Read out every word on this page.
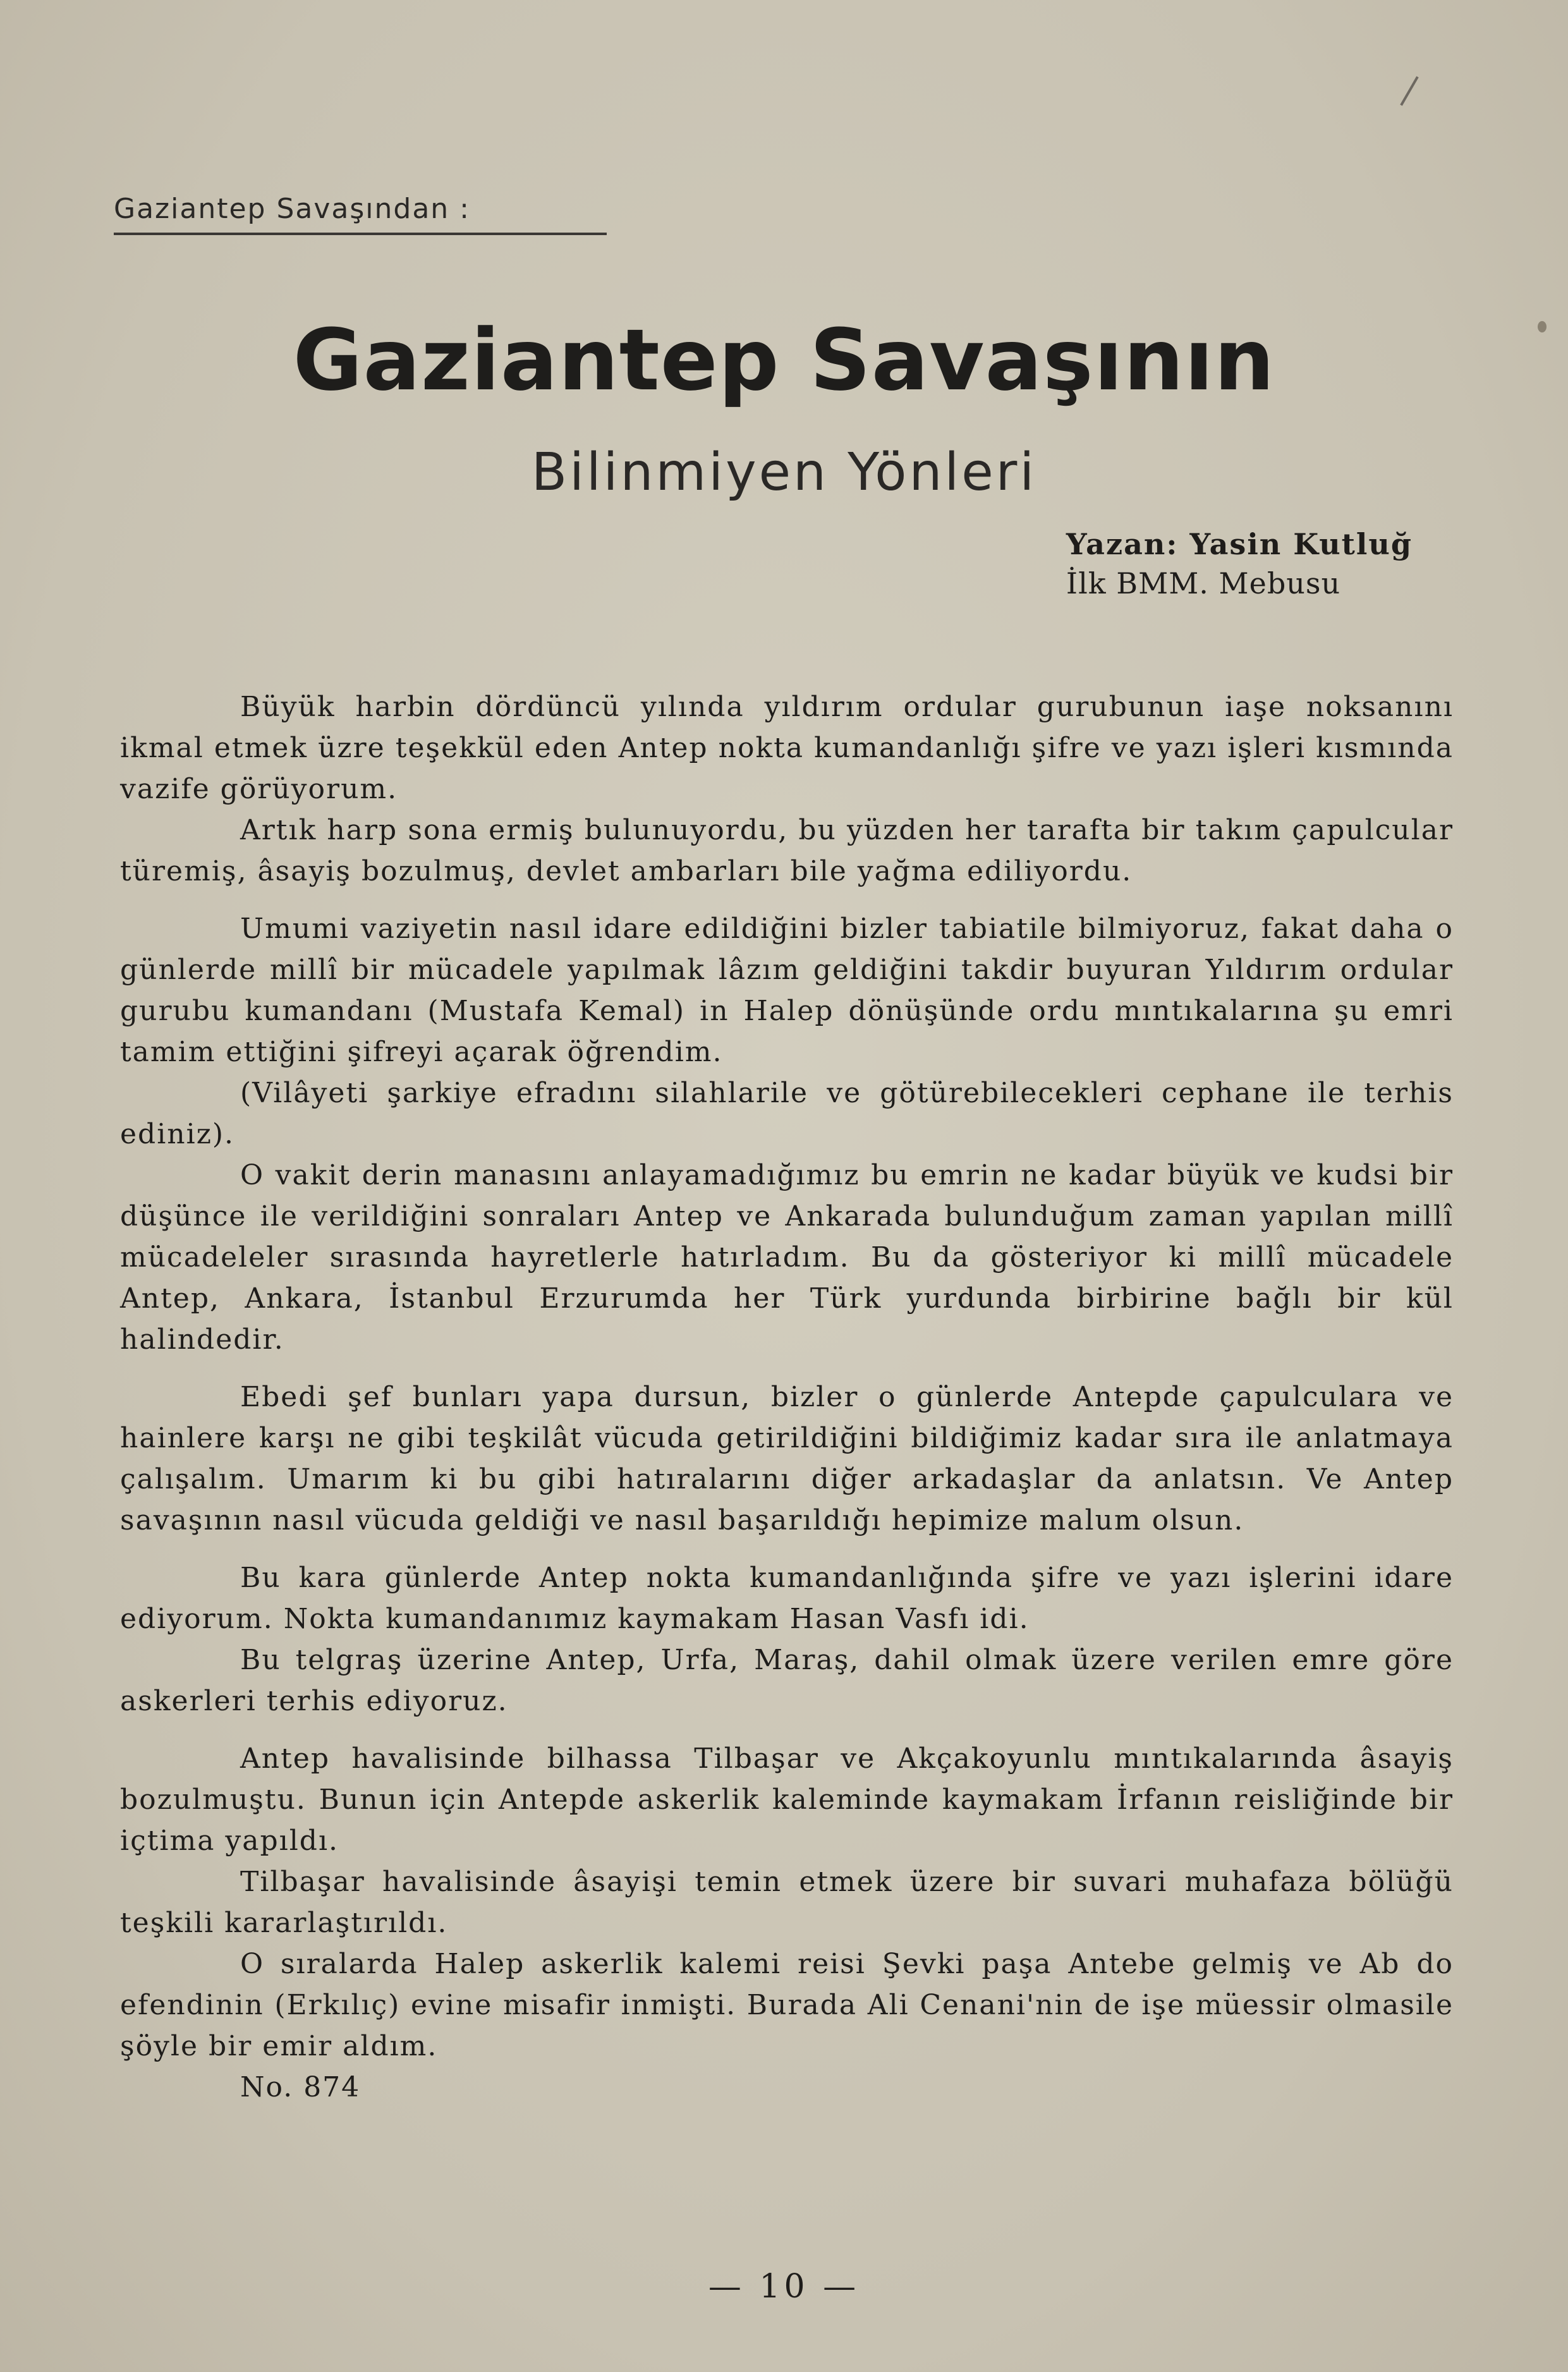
Gaziantep Savaşından :
Gaziantep Savaşının
Bilinmiyen Yönleri
Yazan: Yasin Kutluğ
İlk BMM. Mebusu

Büyük harbin dördüncü yılında yıldırım ordular gurubunun iaşe noksanını ikmal etmek üzre teşekkül eden Antep nokta kumandanlığı şifre ve yazı işleri kısmında vazife görüyorum.

Artık harp sona ermiş bulunuyordu, bu yüzden her tarafta bir takım çapulcular türemiş, âsayiş bozulmuş, devlet ambarları bile yağma ediliyordu.

Umumi vaziyetin nasıl idare edildiğini bizler tabiatile bilmiyoruz, fakat daha o günlerde millî bir mücadele yapılmak lâzım geldiğini takdir buyuran Yıldırım ordular gurubu kumandanı (Mustafa Kemal) in Halep dönüşünde ordu mıntıkalarına şu emri tamim ettiğini şifreyi açarak öğrendim.

(Vilâyeti şarkiye efradını silahlarile ve götürebilecekleri cephane ile terhis ediniz).

O vakit derin manasını anlayamadığımız bu emrin ne kadar büyük ve kudsi bir düşünce ile verildiğini sonraları Antep ve Ankarada bulunduğum zaman yapılan millî mücadeleler sırasında hayretlerle hatırladım. Bu da gösteriyor ki millî mücadele Antep, Ankara, İstanbul Erzurumda her Türk yurdunda birbirine bağlı bir kül halindedir.

Ebedi şef bunları yapa dursun, bizler o günlerde Antepde çapulculara ve hainlere karşı ne gibi teşkilât vücuda getirildiğini bildiğimiz kadar sıra ile anlatmaya çalışalım. Umarım ki bu gibi hatıralarını diğer arkadaşlar da anlatsın. Ve Antep savaşının nasıl vücuda geldiği ve nasıl başarıldığı hepimize malum olsun.

Bu kara günlerde Antep nokta kumandanlığında şifre ve yazı işlerini idare ediyorum. Nokta kumandanımız kaymakam Hasan Vasfı idi.

Bu telgraş üzerine Antep, Urfa, Maraş, dahil olmak üzere verilen emre göre askerleri terhis ediyoruz.

Antep havalisinde bilhassa Tilbaşar ve Akçakoyunlu mıntıkalarında âsayiş bozulmuştu. Bunun için Antepde askerlik kaleminde kaymakam İrfanın reisliğinde bir içtima yapıldı.

Tilbaşar havalisinde âsayişi temin etmek üzere bir suvari muhafaza bölüğü teşkili kararlaştırıldı.

O sıralarda Halep askerlik kalemi reisi Şevki paşa Antebe gelmiş ve Ab do efendinin (Erkılıç) evine misafir inmişti. Burada Ali Cenani'nin de işe müessir olmasile şöyle bir emir aldım.

No. 874

— 10 —
